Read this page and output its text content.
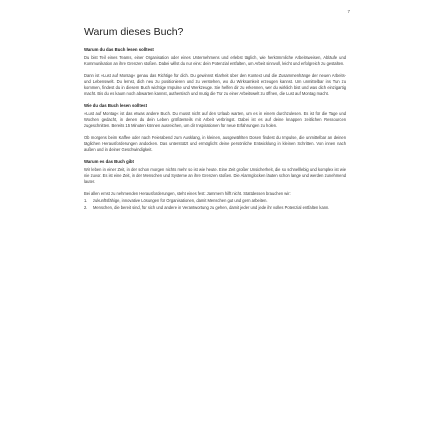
7
Warum dieses Buch?
Warum du das Buch lesen solltest

Du bist Teil eines Teams, einer Organisation oder eines Unternehmens und erlebst täglich, wie herkömmliche Arbeitsweisen, Abläufe und Kommunikation an ihre Grenzen stoßen. Dabei willst du nur eins: dein Potenzial entfalten, um Arbeit sinnvoll, leicht und erfolgreich zu gestalten.

Dann ist »Lust auf Montag« genau das Richtige für dich. Du gewinnst Klarheit über den Kontext und die Zusammenhänge der neuen Arbeits- und Lebenswelt. Du lernst, dich neu zu positionieren und zu verstehen, wo du Wirksamkeit erzeugen kannst. Um unmittelbar ins Tun zu kommen, findest du in diesem Buch wichtige Impulse und Werkzeuge. Sie helfen dir zu erkennen, wer du wirklich bist und was dich einzigartig macht. Bis du es kaum noch abwarten kannst, authentisch und mutig die Tür zu einer Arbeitswelt zu öffnen, die Lust auf Montag macht.

Wie du das Buch lesen solltest

»Lust auf Montag« ist das etwas andere Buch. Du musst nicht auf den Urlaub warten, um es in einem durchzulesen. Es ist für die Tage und Wochen gedacht, in denen du dein Leben größtenteils mit Arbeit verbringst. Dabei ist es auf deine knappen zeitlichen Ressourcen zugeschnitten. Bereits 15 Minuten können ausreichen, um dir Inspirationen für neue Erfahrungen zu holen.

Ob morgens beim Kaffee oder nach Feierabend zum Ausklang, in kleinen, ausgewählten Dosen findest du Impulse, die unmittelbar an deinen täglichen Herausforderungen andocken. Das unterstützt und ermöglicht deine persönliche Entwicklung in kleinen Schritten. Von innen nach außen und in deiner Geschwindigkeit.

Warum es das Buch gibt

Wir leben in einer Zeit, in der schon morgen nichts mehr so ist wie heute. Eine Zeit großer Unsicherheit, die so schnelllebig und komplex ist wie nie zuvor. Es ist eine Zeit, in der Menschen und Systeme an ihre Grenzen stoßen. Die Alarmglocken läuten schon lange und werden zunehmend lauter.

Bei allen ernst zu nehmenden Herausforderungen, steht eines fest: Jammern hilft nicht. Stattdessen brauchen wir:

1.	zukunftsfähige, innovative Lösungen für Organisationen, damit Menschen gut und gern arbeiten.
2.	Menschen, die bereit sind, für sich und andere in Verantwortung zu gehen, damit jeder und jede ihr volles Potenzial entfalten kann.
